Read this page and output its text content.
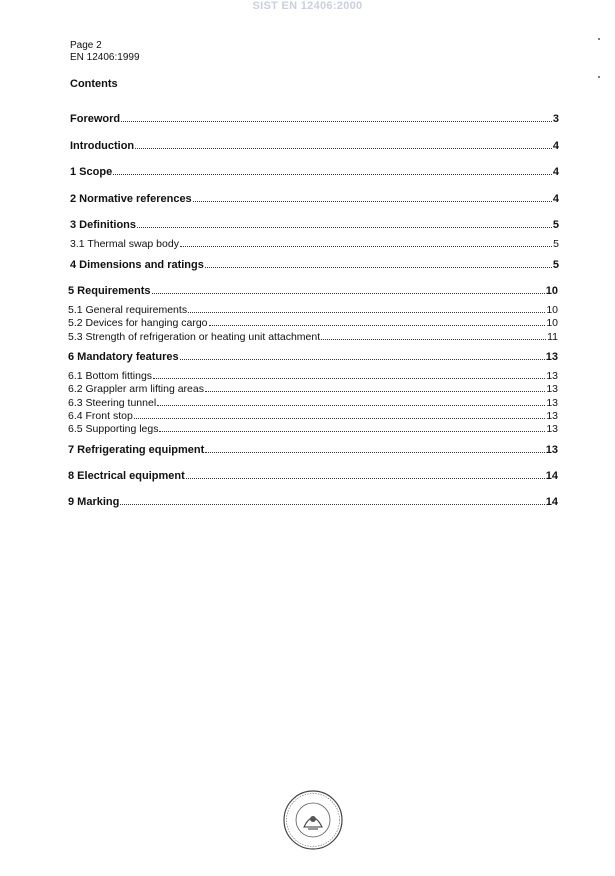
SIST EN 12406:2000
Page 2
EN 12406:1999
Contents
Foreword	3
Introduction	4
1 Scope	4
2 Normative references	4
3 Definitions	5
3.1 Thermal swap body	5
4 Dimensions and ratings	5
5 Requirements	10
5.1 General requirements	10
5.2 Devices for hanging cargo	10
5.3 Strength of refrigeration or heating unit attachment	11
6 Mandatory features	13
6.1 Bottom fittings	13
6.2 Grappler arm lifting areas	13
6.3 Steering tunnel	13
6.4 Front stop	13
6.5 Supporting legs	13
7 Refrigerating equipment	13
8 Electrical equipment	14
9 Marking	14
